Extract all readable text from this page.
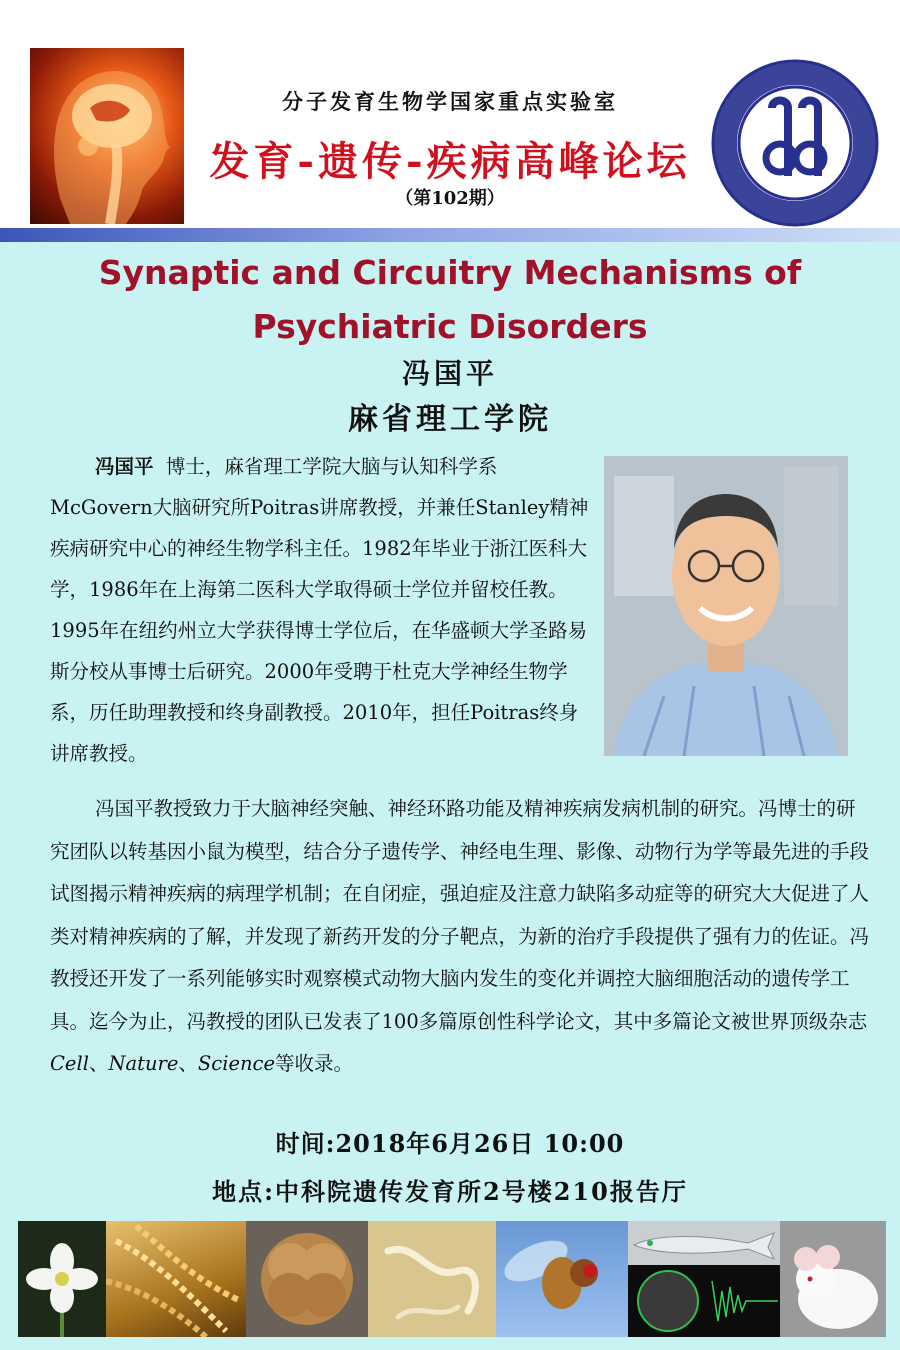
分子发育生物学国家重点实验室
发育-遗传-疾病高峰论坛
（第102期）
Synaptic and Circuitry Mechanisms of
Psychiatric Disorders
冯国平
麻省理工学院
冯国平 博士，麻省理工学院大脑与认知科学系McGovern大脑研究所Poitras讲席教授，并兼任Stanley精神疾病研究中心的神经生物学科主任。1982年毕业于浙江医科大学，1986年在上海第二医科大学取得硕士学位并留校任教。1995年在纽约州立大学获得博士学位后，在华盛顿大学圣路易斯分校从事博士后研究。2000年受聘于杜克大学神经生物学系，历任助理教授和终身副教授。2010年，担任Poitras终身讲席教授。
冯国平教授致力于大脑神经突触、神经环路功能及精神疾病发病机制的研究。冯博士的研究团队以转基因小鼠为模型，结合分子遗传学、神经电生理、影像、动物行为学等最先进的手段试图揭示精神疾病的病理学机制；在自闭症，强迫症及注意力缺陷多动症等的研究大大促进了人类对精神疾病的了解，并发现了新药开发的分子靶点，为新的治疗手段提供了强有力的佐证。冯教授还开发了一系列能够实时观察模式动物大脑内发生的变化并调控大脑细胞活动的遗传学工具。迄今为止，冯教授的团队已发表了100多篇原创性科学论文，其中多篇论文被世界顶级杂志Cell、Nature、Science等收录。
时间:2018年6月26日 10:00
地点:中科院遗传发育所2号楼210报告厅
